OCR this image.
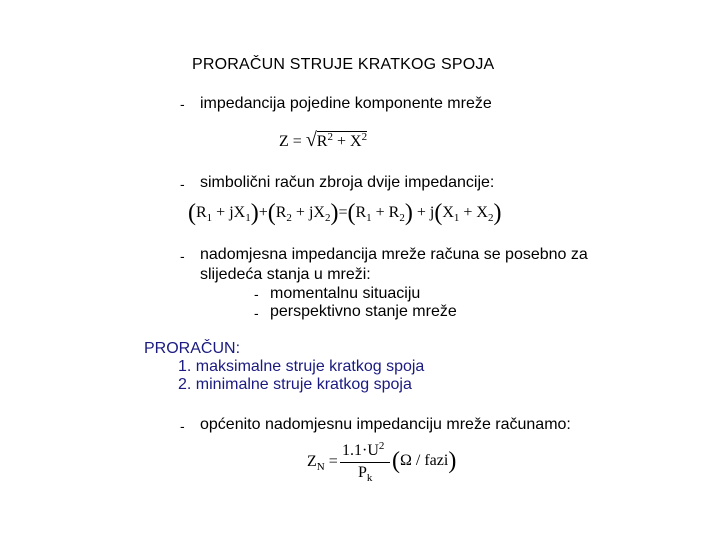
PRORAČUN STRUJE KRATKOG SPOJA
- impedancija pojedine komponente mreže
$Z = √R^2 + X^2$
- simbolični račun zbroja dvije impedancije:
$(R_1 + jX_1)+(R_2 + jX_2)=(R_1 + R_2) + j(X_1 + X_2)$
- nadomjesna impedancija mreže računa se posebno za
slijedeća stanja u mreži:
- momentalnu situaciju
- perspektivno stanje mreže
PRORAČUN:
1. maksimalne struje kratkog spoja
2. minimalne struje kratkog spoja
- općenito nadomjesnu impedanciju mreže računamo:
$Z_N$ =
$1.1\cdot U^2$
$P_k$
(Ω / fazi)
